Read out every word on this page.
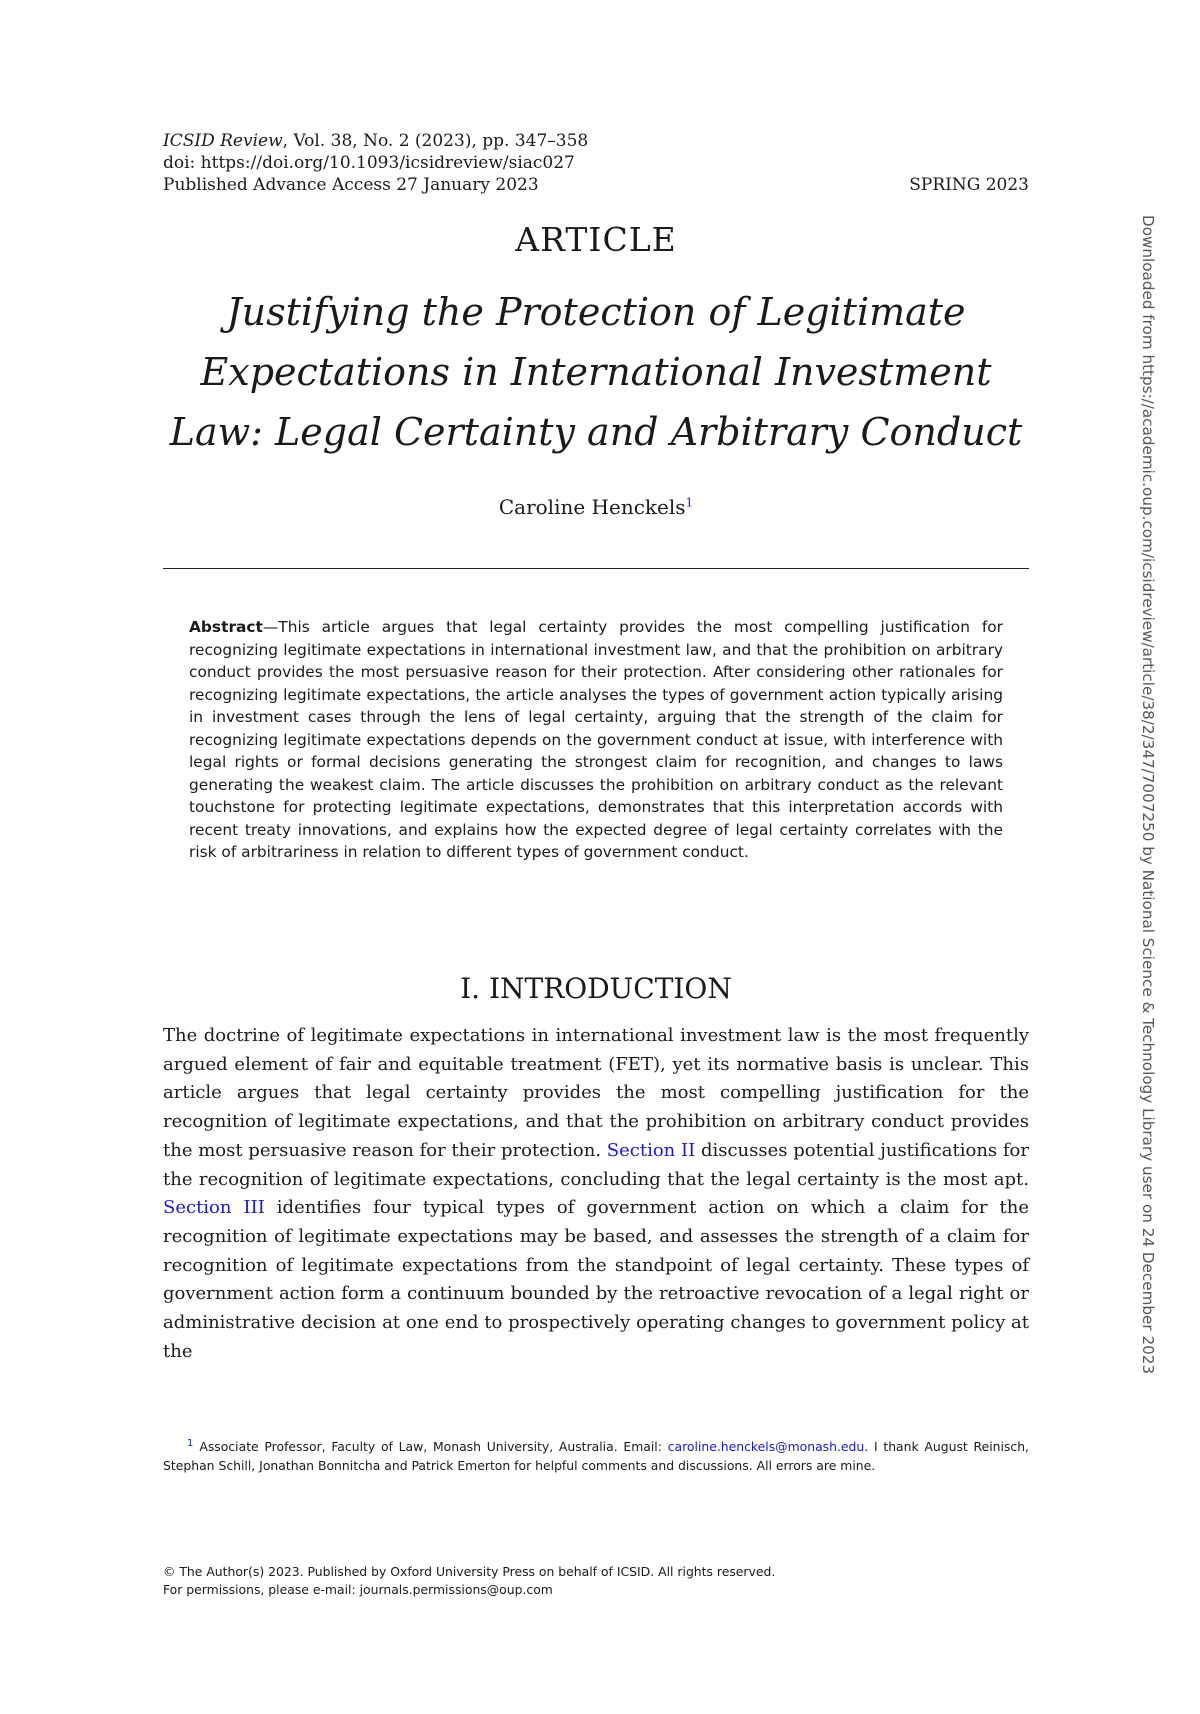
ICSID Review, Vol. 38, No. 2 (2023), pp. 347–358
doi: https://doi.org/10.1093/icsidreview/siac027
Published Advance Access 27 January 2023	SPRING 2023
ARTICLE
Justifying the Protection of Legitimate
Expectations in International Investment
Law: Legal Certainty and Arbitrary Conduct
Caroline Henckels$^1$
Abstract—This article argues that legal certainty provides the most compelling justification for recognizing legitimate expectations in international investment law, and that the prohibition on arbitrary conduct provides the most persuasive reason for their protection. After considering other rationales for recognizing legitimate expectations, the article analyses the types of government action typically arising in investment cases through the lens of legal certainty, arguing that the strength of the claim for recognizing legitimate expectations depends on the government conduct at issue, with interference with legal rights or formal decisions generating the strongest claim for recognition, and changes to laws generating the weakest claim. The article discusses the prohibition on arbitrary conduct as the relevant touchstone for protecting legitimate expectations, demonstrates that this interpretation accords with recent treaty innovations, and explains how the expected degree of legal certainty correlates with the risk of arbitrariness in relation to different types of government conduct.
I. INTRODUCTION
The doctrine of legitimate expectations in international investment law is the most frequently argued element of fair and equitable treatment (FET), yet its normative basis is unclear. This article argues that legal certainty provides the most compelling justification for the recognition of legitimate expectations, and that the prohibition on arbitrary conduct provides the most persuasive reason for their protection. Section II discusses potential justifications for the recognition of legitimate expectations, concluding that the legal certainty is the most apt. Section III identifies four typical types of government action on which a claim for the recognition of legitimate expectations may be based, and assesses the strength of a claim for recognition of legitimate expectations from the standpoint of legal certainty. These types of government action form a continuum bounded by the retroactive revocation of a legal right or administrative decision at one end to prospectively operating changes to government policy at the
$^1$ Associate Professor, Faculty of Law, Monash University, Australia. Email: caroline.henckels@monash.edu. I thank August Reinisch, Stephan Schill, Jonathan Bonnitcha and Patrick Emerton for helpful comments and discussions. All errors are mine.
© The Author(s) 2023. Published by Oxford University Press on behalf of ICSID. All rights reserved.
For permissions, please e-mail: journals.permissions@oup.com
Downloaded from https://academic.oup.com/icsidreview/article/38/2/347/7007250 by National Science & Technology Library user on 24 December 2023
